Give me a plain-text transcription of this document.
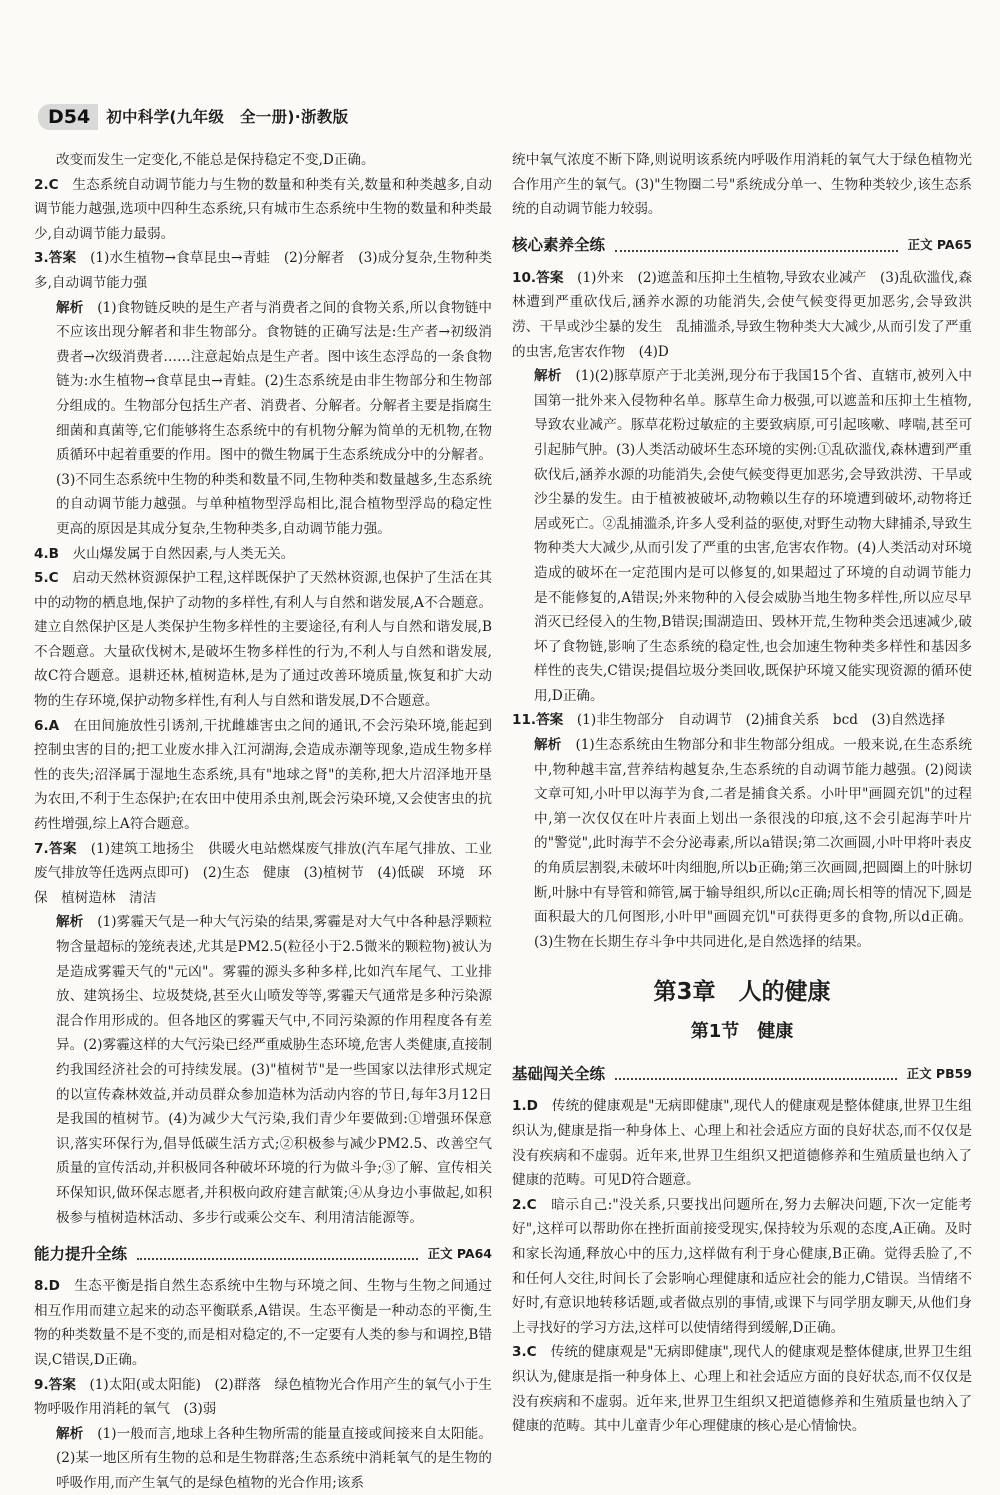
D54	初中科学(九年级　全一册)·浙教版

改变而发生一定变化,不能总是保持稳定不变,D正确。

2.C　 生态系统自动调节能力与生物的数量和种类有关,数量和种类越多,自动调节能力越强,选项中四种生态系统,只有城市生态系统中生物的数量和种类最少,自动调节能力最弱。

3.答案　 (1)水生植物→食草昆虫→青蛙　(2)分解者　(3)成分复杂,生物种类多,自动调节能力强

解析　 (1)食物链反映的是生产者与消费者之间的食物关系,所以食物链中不应该出现分解者和非生物部分。食物链的正确写法是:生产者→初级消费者→次级消费者……注意起始点是生产者。图中该生态浮岛的一条食物链为:水生植物→食草昆虫→青蛙。(2)生态系统是由非生物部分和生物部分组成的。生物部分包括生产者、消费者、分解者。分解者主要是指腐生细菌和真菌等,它们能够将生态系统中的有机物分解为简单的无机物,在物质循环中起着重要的作用。图中的微生物属于生态系统成分中的分解者。(3)不同生态系统中生物的种类和数量不同,生物种类和数量越多,生态系统的自动调节能力越强。与单种植物型浮岛相比,混合植物型浮岛的稳定性更高的原因是其成分复杂,生物种类多,自动调节能力强。

4.B　 火山爆发属于自然因素,与人类无关。

5.C　 启动天然林资源保护工程,这样既保护了天然林资源,也保护了生活在其中的动物的栖息地,保护了动物的多样性,有利人与自然和谐发展,A不合题意。建立自然保护区是人类保护生物多样性的主要途径,有利人与自然和谐发展,B不合题意。大量砍伐树木,是破坏生物多样性的行为,不利人与自然和谐发展,故C符合题意。退耕还林,植树造林,是为了通过改善环境质量,恢复和扩大动物的生存环境,保护动物多样性,有利人与自然和谐发展,D不合题意。

6.A　 在田间施放性引诱剂,干扰雌雄害虫之间的通讯,不会污染环境,能起到控制虫害的目的;把工业废水排入江河湖海,会造成赤潮等现象,造成生物多样性的丧失;沼泽属于湿地生态系统,具有"地球之肾"的美称,把大片沼泽地开垦为农田,不利于生态保护;在农田中使用杀虫剂,既会污染环境,又会使害虫的抗药性增强,综上A符合题意。

7.答案　 (1)建筑工地扬尘　供暖火电站燃煤废气排放(汽车尾气排放、工业废气排放等任选两点即可)　(2)生态　健康　(3)植树节　(4)低碳　环境　环保　植树造林　清洁

解析　 (1)雾霾天气是一种大气污染的结果,雾霾是对大气中各种悬浮颗粒物含量超标的笼统表述,尤其是PM2.5(粒径小于2.5微米的颗粒物)被认为是造成雾霾天气的"元凶"。雾霾的源头多种多样,比如汽车尾气、工业排放、建筑扬尘、垃圾焚烧,甚至火山喷发等等,雾霾天气通常是多种污染源混合作用形成的。但各地区的雾霾天气中,不同污染源的作用程度各有差异。(2)雾霾这样的大气污染已经严重威胁生态环境,危害人类健康,直接制约我国经济社会的可持续发展。(3)"植树节"是一些国家以法律形式规定的以宣传森林效益,并动员群众参加造林为活动内容的节日,每年3月12日是我国的植树节。(4)为减少大气污染,我们青少年要做到:①增强环保意识,落实环保行为,倡导低碳生活方式;②积极参与减少PM2.5、改善空气质量的宣传活动,并积极同各种破坏环境的行为做斗争;③了解、宣传相关环保知识,做环保志愿者,并积极向政府建言献策;④从身边小事做起,如积极参与植树造林活动、多步行或乘公交车、利用清洁能源等。

能力提升全练	正文 PA64

8.D　 生态平衡是指自然生态系统中生物与环境之间、生物与生物之间通过相互作用而建立起来的动态平衡联系,A错误。生态平衡是一种动态的平衡,生物的种类数量不是不变的,而是相对稳定的,不一定要有人类的参与和调控,B错误,C错误,D正确。

9.答案　 (1)太阳(或太阳能)　(2)群落　绿色植物光合作用产生的氧气小于生物呼吸作用消耗的氧气　(3)弱

解析　 (1)一般而言,地球上各种生物所需的能量直接或间接来自太阳能。(2)某一地区所有生物的总和是生物群落;生态系统中消耗氧气的是生物的呼吸作用,而产生氧气的是绿色植物的光合作用;该系

统中氧气浓度不断下降,则说明该系统内呼吸作用消耗的氧气大于绿色植物光合作用产生的氧气。(3)"生物圈二号"系统成分单一、生物种类较少,该生态系统的自动调节能力较弱。

核心素养全练	正文 PA65

10.答案　 (1)外来　(2)遮盖和压抑土生植物,导致农业减产　(3)乱砍滥伐,森林遭到严重砍伐后,涵养水源的功能消失,会使气候变得更加恶劣,会导致洪涝、干旱或沙尘暴的发生　乱捕滥杀,导致生物种类大大减少,从而引发了严重的虫害,危害农作物　(4)D

解析　 (1)(2)豚草原产于北美洲,现分布于我国15个省、直辖市,被列入中国第一批外来入侵物种名单。豚草生命力极强,可以遮盖和压抑土生植物,导致农业减产。豚草花粉过敏症的主要致病原,可引起咳嗽、哮喘,甚至可引起肺气肿。(3)人类活动破坏生态环境的实例:①乱砍滥伐,森林遭到严重砍伐后,涵养水源的功能消失,会使气候变得更加恶劣,会导致洪涝、干旱或沙尘暴的发生。由于植被被破坏,动物赖以生存的环境遭到破坏,动物将迁居或死亡。②乱捕滥杀,许多人受利益的驱使,对野生动物大肆捕杀,导致生物种类大大减少,从而引发了严重的虫害,危害农作物。(4)人类活动对环境造成的破坏在一定范围内是可以修复的,如果超过了环境的自动调节能力是不能修复的,A错误;外来物种的入侵会威胁当地生物多样性,所以应尽早消灭已经侵入的生物,B错误;围湖造田、毁林开荒,生物种类会迅速减少,破坏了食物链,影响了生态系统的稳定性,也会加速生物种类多样性和基因多样性的丧失,C错误;提倡垃圾分类回收,既保护环境又能实现资源的循环使用,D正确。

11.答案　 (1)非生物部分　自动调节　(2)捕食关系　bcd　(3)自然选择

解析　 (1)生态系统由生物部分和非生物部分组成。一般来说,在生态系统中,物种越丰富,营养结构越复杂,生态系统的自动调节能力越强。(2)阅读文章可知,小叶甲以海芋为食,二者是捕食关系。小叶甲"画圆充饥"的过程中,第一次仅仅在叶片表面上划出一条很浅的印痕,这不会引起海芋叶片的"警觉",此时海芋不会分泌毒素,所以a错误;第二次画圆,小叶甲将叶表皮的角质层割裂,未破坏叶肉细胞,所以b正确;第三次画圆,把圆圈上的叶脉切断,叶脉中有导管和筛管,属于输导组织,所以c正确;周长相等的情况下,圆是面积最大的几何图形,小叶甲"画圆充饥"可获得更多的食物,所以d正确。(3)生物在长期生存斗争中共同进化,是自然选择的结果。

第3章　人的健康
第1节　健康
基础闯关全练	正文 PB59

1.D　 传统的健康观是"无病即健康",现代人的健康观是整体健康,世界卫生组织认为,健康是指一种身体上、心理上和社会适应方面的良好状态,而不仅仅是没有疾病和不虚弱。近年来,世界卫生组织又把道德修养和生殖质量也纳入了健康的范畴。可见D符合题意。

2.C　 暗示自己:"没关系,只要找出问题所在,努力去解决问题,下次一定能考好",这样可以帮助你在挫折面前接受现实,保持较为乐观的态度,A正确。及时和家长沟通,释放心中的压力,这样做有利于身心健康,B正确。觉得丢脸了,不和任何人交往,时间长了会影响心理健康和适应社会的能力,C错误。当情绪不好时,有意识地转移话题,或者做点别的事情,或课下与同学朋友聊天,从他们身上寻找好的学习方法,这样可以使情绪得到缓解,D正确。

3.C　 传统的健康观是"无病即健康",现代人的健康观是整体健康,世界卫生组织认为,健康是指一种身体上、心理上和社会适应方面的良好状态,而不仅仅是没有疾病和不虚弱。近年来,世界卫生组织又把道德修养和生殖质量也纳入了健康的范畴。其中儿童青少年心理健康的核心是心情愉快。
